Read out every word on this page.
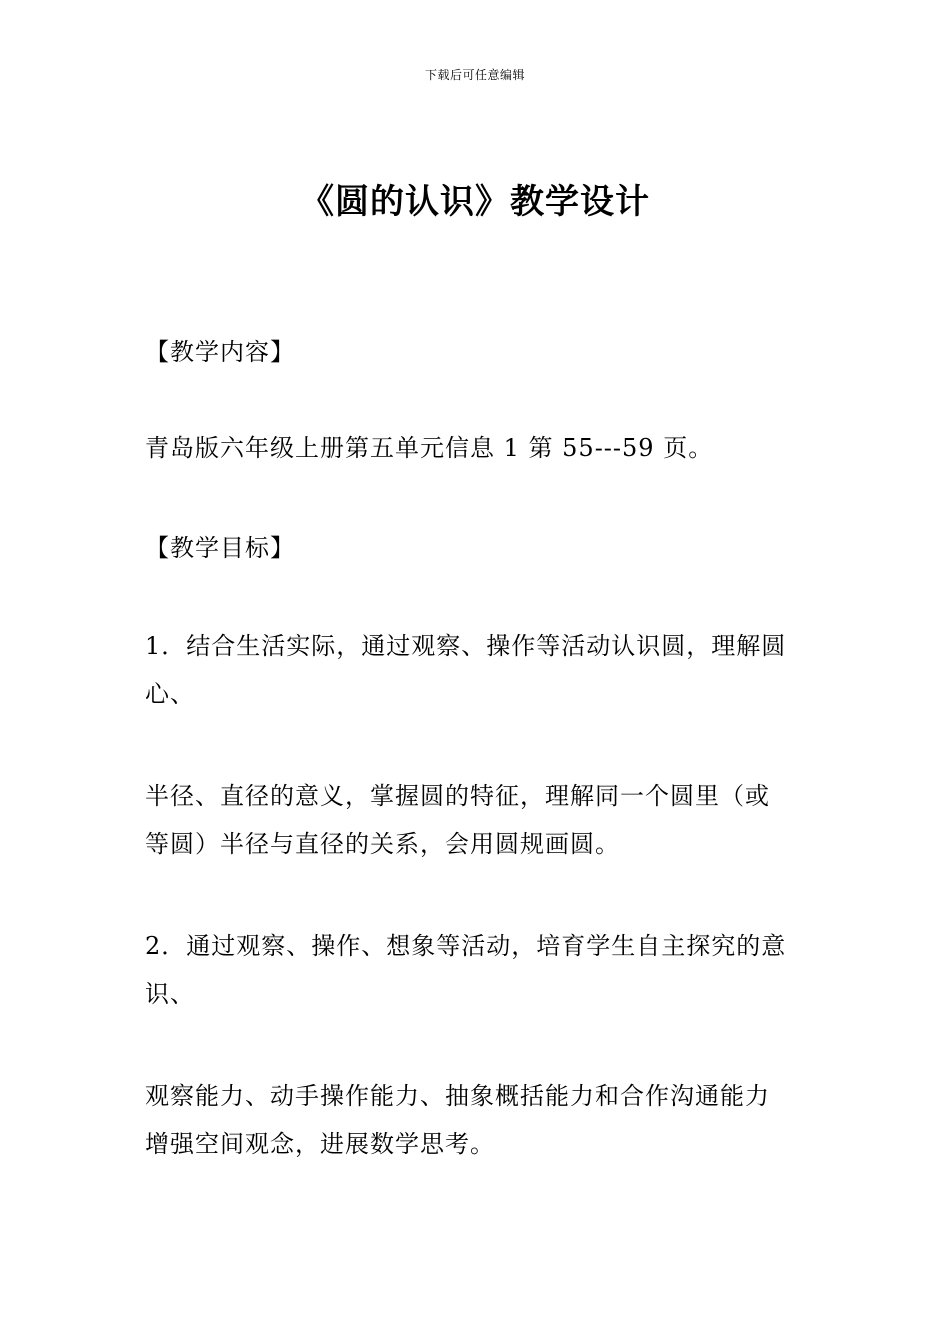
下载后可任意编辑
《圆的认识》教学设计

【教学内容】

青岛版六年级上册第五单元信息 1 第 55---59 页。

【教学目标】

1．结合生活实际，通过观察、操作等活动认识圆，理解圆
心、

半径、直径的意义，掌握圆的特征，理解同一个圆里（或
等圆）半径与直径的关系，会用圆规画圆。

2．通过观察、操作、想象等活动，培育学生自主探究的意
识、

观察能力、动手操作能力、抽象概括能力和合作沟通能力
增强空间观念，进展数学思考。
